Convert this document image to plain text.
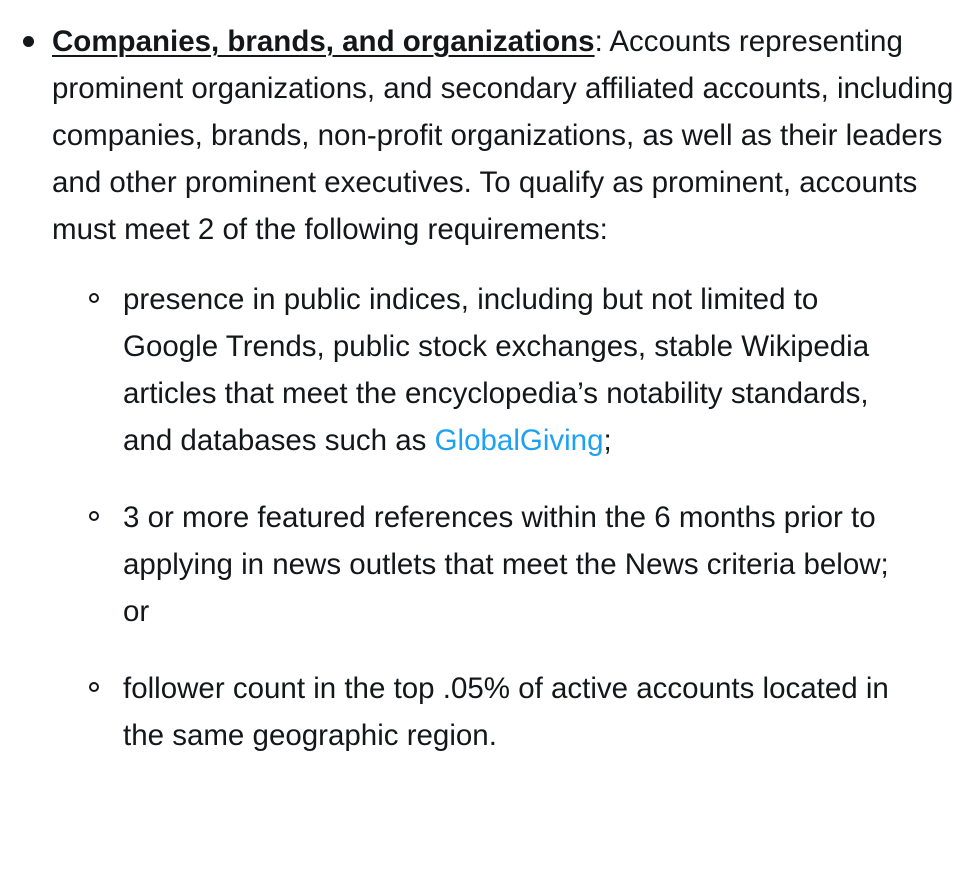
Companies, brands, and organizations: Accounts representing prominent organizations, and secondary affiliated accounts, including companies, brands, non-profit organizations, as well as their leaders and other prominent executives. To qualify as prominent, accounts must meet 2 of the following requirements:
presence in public indices, including but not limited to Google Trends, public stock exchanges, stable Wikipedia articles that meet the encyclopedia’s notability standards, and databases such as GlobalGiving;
3 or more featured references within the 6 months prior to applying in news outlets that meet the News criteria below; or
follower count in the top .05% of active accounts located in the same geographic region.
